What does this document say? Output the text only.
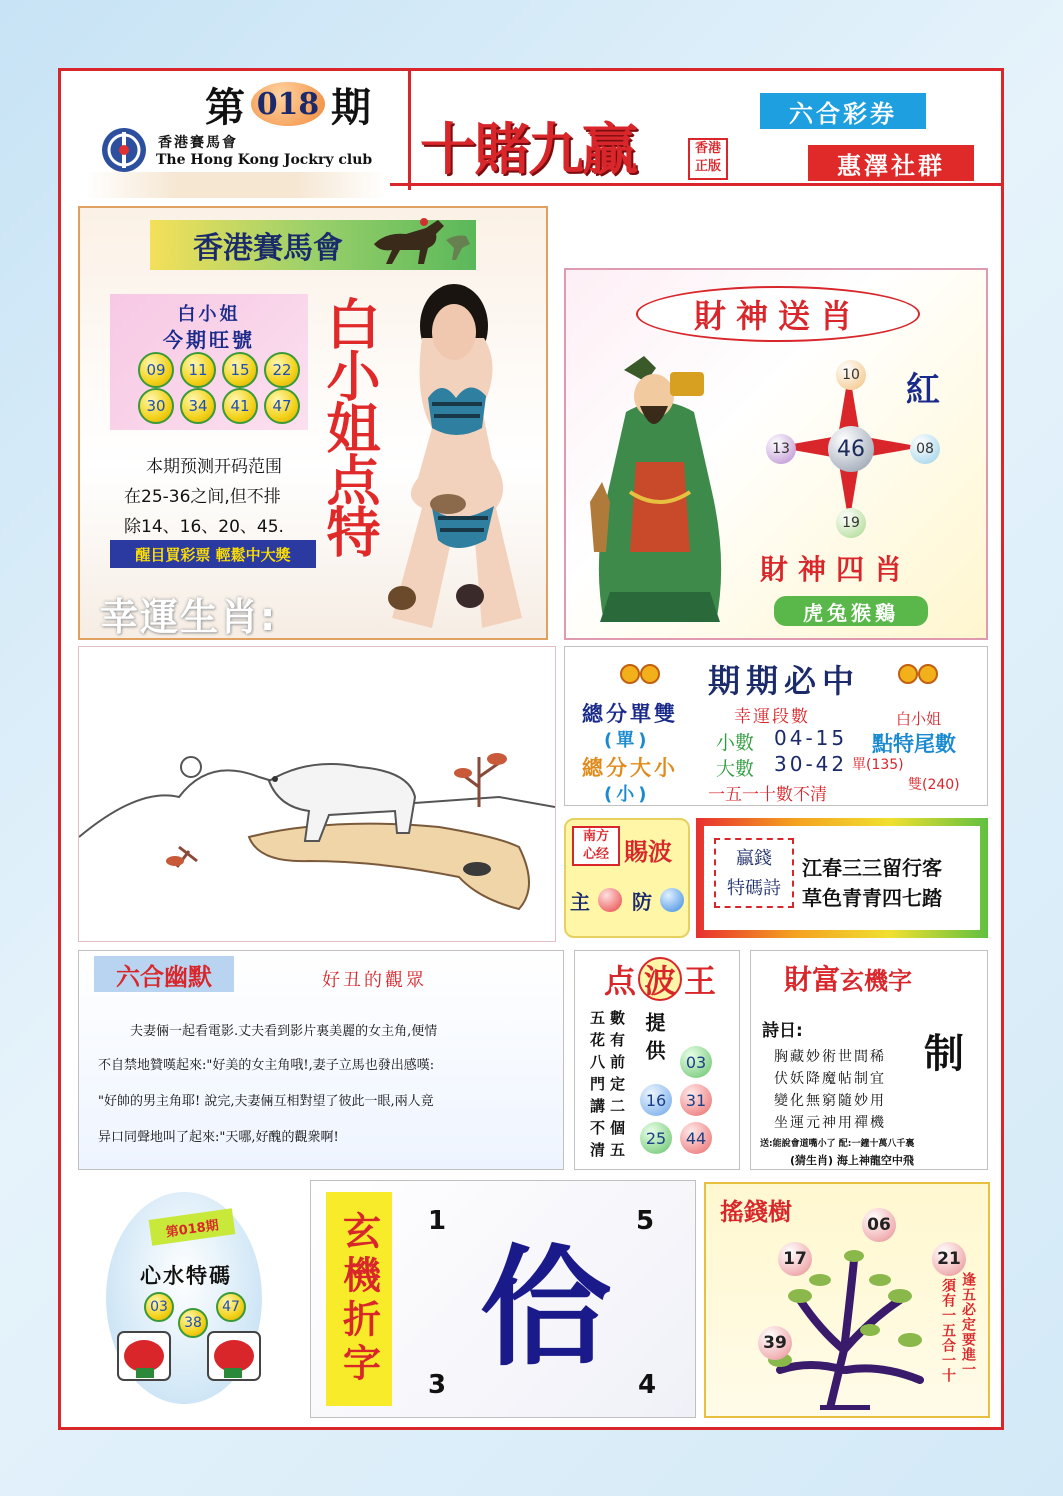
第 018 期
香港賽馬會
The Hong Kong Jockry club 十賭九贏	香港正版
六合彩券
惠澤社群
香港賽馬會
白小姐
今期旺號
09	11	15	22
30	34	41	47
本期预测开码范围
在25-36之间,但不排
除14、16、20、45.
醒目買彩票 輕鬆中大獎
幸運生肖:
白小姐点特	財神送肖
46
10
13	08
19
紅
財神四肖
虎兔猴鷄
期期必中
總分單雙
(單)
總分大小
(小)
幸運段數
小數 04-15
大數 30-42
一五一十數不清
白小姐
點特尾數
單(135)
雙(240)
南方
心经 賜波
主 防
贏錢
特碼詩
江春三三留行客
草色青青四七踏
六合幽默	好丑的觀眾
夫妻倆一起看電影.丈夫看到影片裏美麗的女主角,便情
不自禁地贊嘆起來:"好美的女主角哦!,妻子立馬也發出感嘆:
"好帥的男主角耶! 說完,夫妻倆互相對望了彼此一眼,兩人竟
异口同聲地叫了起來:"天哪,好醜的觀衆啊!
点 波 王
五花八門講不清 數有前定二個五 提供	03
16	31
25	44
財富玄機字
詩日:	制
胸藏妙術世間稀
伏妖降魔帖制宜
變化無窮隨妙用
坐運元神用禪機
送:能說會道嘴小了 配:一鐘十萬八千裏
(猜生肖) 海上神龍空中飛
第018期
心水特碼
03
38
47	玄機折字 1	5
3	4
佮
搖錢樹	06
17	21
39	逢五必定要進一
須有一五合一十
